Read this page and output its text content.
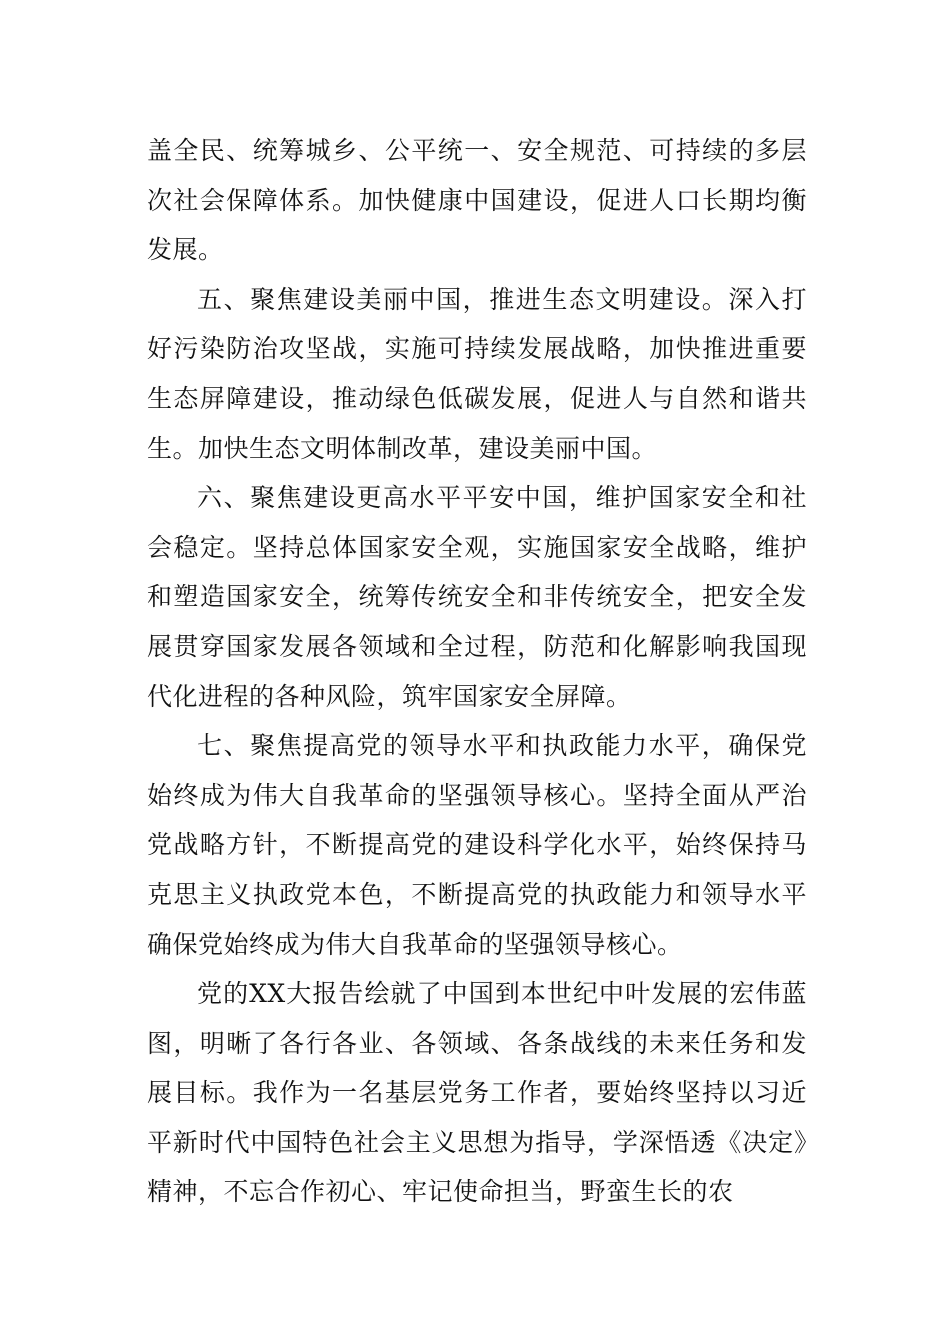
盖全民、统筹城乡、公平统一、安全规范、可持续的多层次社会保障体系。加快健康中国建设，促进人口长期均衡发展。

五、聚焦建设美丽中国，推进生态文明建设。深入打好污染防治攻坚战，实施可持续发展战略，加快推进重要生态屏障建设，推动绿色低碳发展，促进人与自然和谐共生。加快生态文明体制改革，建设美丽中国。

六、聚焦建设更高水平平安中国，维护国家安全和社会稳定。坚持总体国家安全观，实施国家安全战略，维护和塑造国家安全，统筹传统安全和非传统安全，把安全发展贯穿国家发展各领域和全过程，防范和化解影响我国现代化进程的各种风险，筑牢国家安全屏障。

七、聚焦提高党的领导水平和执政能力水平，确保党始终成为伟大自我革命的坚强领导核心。坚持全面从严治党战略方针，不断提高党的建设科学化水平，始终保持马克思主义执政党本色，不断提高党的执政能力和领导水平确保党始终成为伟大自我革命的坚强领导核心。

党的XX大报告绘就了中国到本世纪中叶发展的宏伟蓝图，明晰了各行各业、各领域、各条战线的未来任务和发展目标。我作为一名基层党务工作者，要始终坚持以习近平新时代中国特色社会主义思想为指导，学深悟透《决定》精神，不忘合作初心、牢记使命担当，野蛮生长的农
